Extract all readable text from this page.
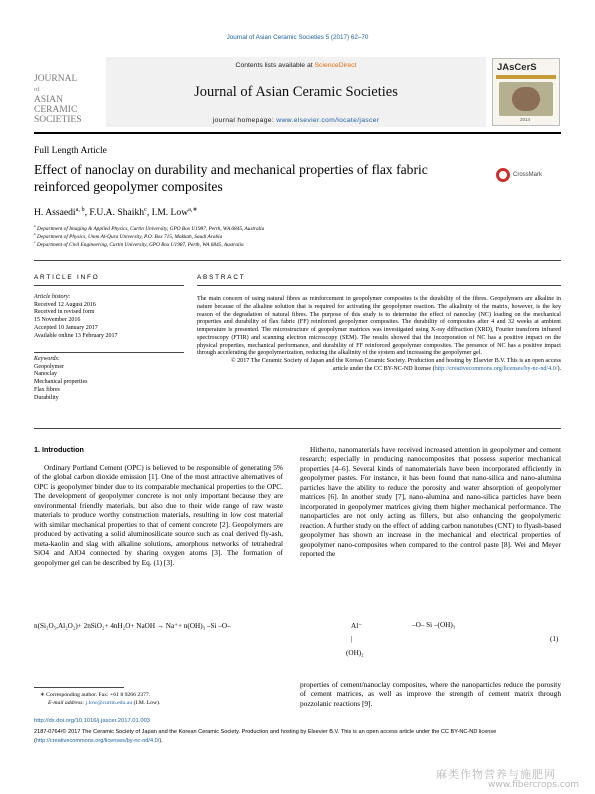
Journal of Asian Ceramic Societies 5 (2017) 62–70
JOURNAL
of
ASIAN CERAMIC
SOCIETIES
Contents lists available at ScienceDirect
Journal of Asian Ceramic Societies
journal homepage: www.elsevier.com/locate/jascer
JAsCerS
2014
Full Length Article
Effect of nanoclay on durability and mechanical properties of flax fabric reinforced geopolymer composites
CrossMark
H. Assaedi$^{a, b}$, F.U.A. Shaikh$^c$, I.M. Low$^{a,∗}$
$^a$ Department of Imaging & Applied Physics, Curtin University, GPO Box U1987, Perth, WA 6845, Australia
$^b$ Department of Physics, Umm Al-Qura University, P.O. Box 715, Makkah, Saudi Arabia
$^c$ Department of Civil Engineering, Curtin University, GPO Box U1987, Perth, WA 6845, Australia
ARTICLE INFO	ABSTRACT
Article history:
Received 12 August 2016
Received in revised form
15 November 2016
Accepted 10 January 2017
Available online 13 February 2017
Keywords:
Geopolymer
Nanoclay
Mechanical properties
Flax fibres
Durability
The main concern of using natural fibres as reinforcement in geopolymer composites is the durability of the fibres. Geopolymers are alkaline in nature because of the alkaline solution that is required for activating the geopolymer reaction. The alkalinity of the matrix, however, is the key reason of the degradation of natural fibres. The purpose of this study is to determine the effect of nanoclay (NC) loading on the mechanical properties and durability of flax fabric (FF) reinforced geopolymer composites. The durability of composites after 4 and 32 weeks at ambient temperature is presented. The microstructure of geopolymer matrices was investigated using X-ray diffraction (XRD), Fourier transform infrared spectroscopy (FTIR) and scanning electron microscopy (SEM). The results showed that the incorporation of NC has a positive impact on the physical properties, mechanical performance, and durability of FF reinforced geopolymer composites. The presence of NC has a positive impact through accelerating the geopolymerization, reducing the alkalinity of the system and increasing the geopolymer gel.
© 2017 The Ceramic Society of Japan and the Korean Ceramic Society. Production and hosting by Elsevier B.V. This is an open access article under the CC BY-NC-ND license (http://creativecommons.org/licenses/by-nc-nd/4.0/).
1. Introduction
Ordinary Portland Cement (OPC) is believed to be responsible of generating 5% of the global carbon dioxide emission [1]. One of the most attractive alternatives of OPC is geopolymer binder due to its comparable mechanical properties to the OPC. The development of geopolymer concrete is not only important because they are environmental friendly materials, but also due to their wide range of raw waste materials to produce worthy construction materials, resulting in low cost material with similar mechanical properties to that of cement concrete [2]. Geopolymers are produced by activating a solid aluminosilicate source such as coal derived fly-ash, meta-kaolin and slag with alkaline solutions, amorphous networks of tetrahedral SiO4 and AlO4 connected by sharing oxygen atoms [3]. The formation of geopolymer gel can be described by Eq. (1) [3].
Hitherto, nanomaterials have received increased attention in geopolymer and cement research; especially in producing nanocomposites that possess superior mechanical properties [4–6]. Several kinds of nanomaterials have been incorporated efficiently in geopolymer pastes. For instance, it has been found that nano-silica and nano-alumina particles have the ability to reduce the porosity and water absorption of geopolymer matrices [6]. In another study [7], nano-alumina and nano-silica particles have been incorporated in geopolymer matrices giving them higher mechanical performance. The nanoparticles are not only acting as fillers, but also enhancing the geopolymeric reaction. A further study on the effect of adding carbon nanotubes (CNT) to flyash-based geopolymer has shown an increase in the mechanical and electrical properties of geopolymer nano-composites when compared to the control paste [8]. Wei and Meyer reported the
n(Si₂O₅,Al₂O₂)+ 2nSiO₂+ 4nH₂O+ NaOH → Na⁺+ n(OH)₃ –Si –O–	Al⁻	–O– Si –(OH)₃
|
(OH)₂
(1)
∗ Corresponding author. Fax: +61 8 9266 2377.
E-mail address: j.low@curtin.edu.au (I.M. Low).
properties of cement/nanoclay composites, where the nanoparticles reduce the porosity of cement matrices, as well as improve the strength of cement matrix through pozzolanic reactions [9].
http://dx.doi.org/10.1016/j.jascer.2017.01.003
2187-0764/© 2017 The Ceramic Society of Japan and the Korean Ceramic Society. Production and hosting by Elsevier B.V. This is an open access article under the CC BY-NC-ND license (http://creativecommons.org/licenses/by-nc-nd/4.0/).
麻类作物营养与施肥网
www.fibercrops.com
